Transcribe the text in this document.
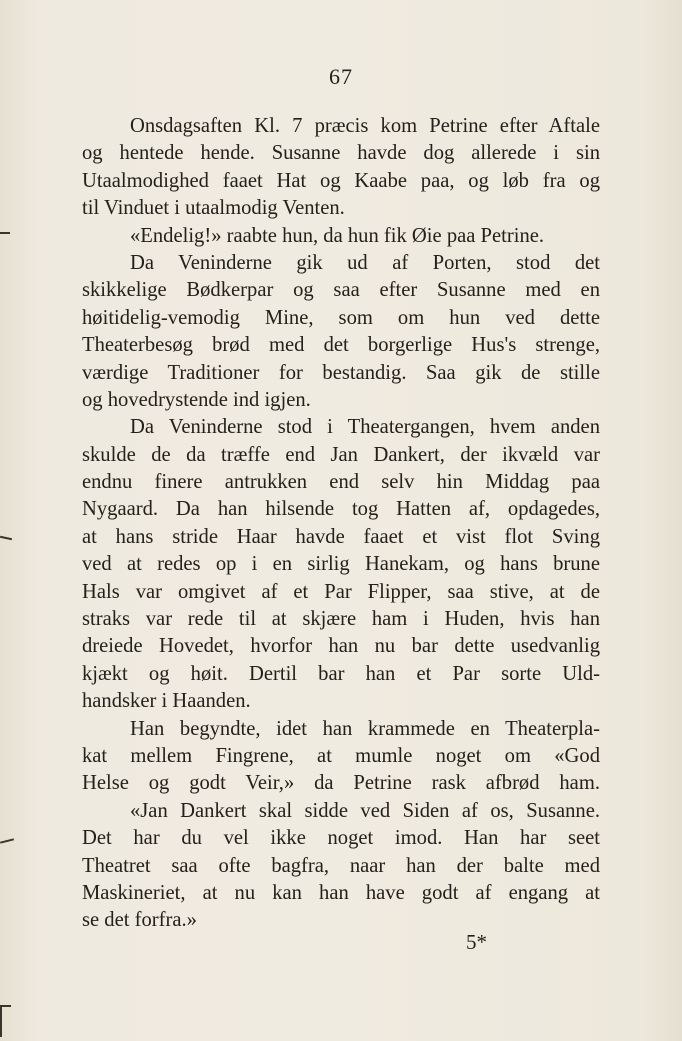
67
Onsdagsaften Kl. 7 præcis kom Petrine efter Aftale
og hentede hende. Susanne havde dog allerede i sin
Utaalmodighed faaet Hat og Kaabe paa, og løb fra og
til Vinduet i utaalmodig Venten.
«Endelig!» raabte hun, da hun fik Øie paa Petrine.
Da Veninderne gik ud af Porten, stod det
skikkelige Bødkerpar og saa efter Susanne med en
høitidelig-vemodig Mine, som om hun ved dette
Theaterbesøg brød med det borgerlige Hus's strenge,
værdige Traditioner for bestandig. Saa gik de stille
og hovedrystende ind igjen.
Da Veninderne stod i Theatergangen, hvem anden
skulde de da træffe end Jan Dankert, der ikvæld var
endnu finere antrukken end selv hin Middag paa
Nygaard. Da han hilsende tog Hatten af, opdagedes,
at hans stride Haar havde faaet et vist flot Sving
ved at redes op i en sirlig Hanekam, og hans brune
Hals var omgivet af et Par Flipper, saa stive, at de
straks var rede til at skjære ham i Huden, hvis han
dreiede Hovedet, hvorfor han nu bar dette usedvanlig
kjækt og høit. Dertil bar han et Par sorte Uld-
handsker i Haanden.
Han begyndte, idet han krammede en Theaterpla-
kat mellem Fingrene, at mumle noget om «God
Helse og godt Veir,» da Petrine rask afbrød ham.
«Jan Dankert skal sidde ved Siden af os, Susanne.
Det har du vel ikke noget imod. Han har seet
Theatret saa ofte bagfra, naar han der balte med
Maskineriet, at nu kan han have godt af engang at
se det forfra.»
5*
